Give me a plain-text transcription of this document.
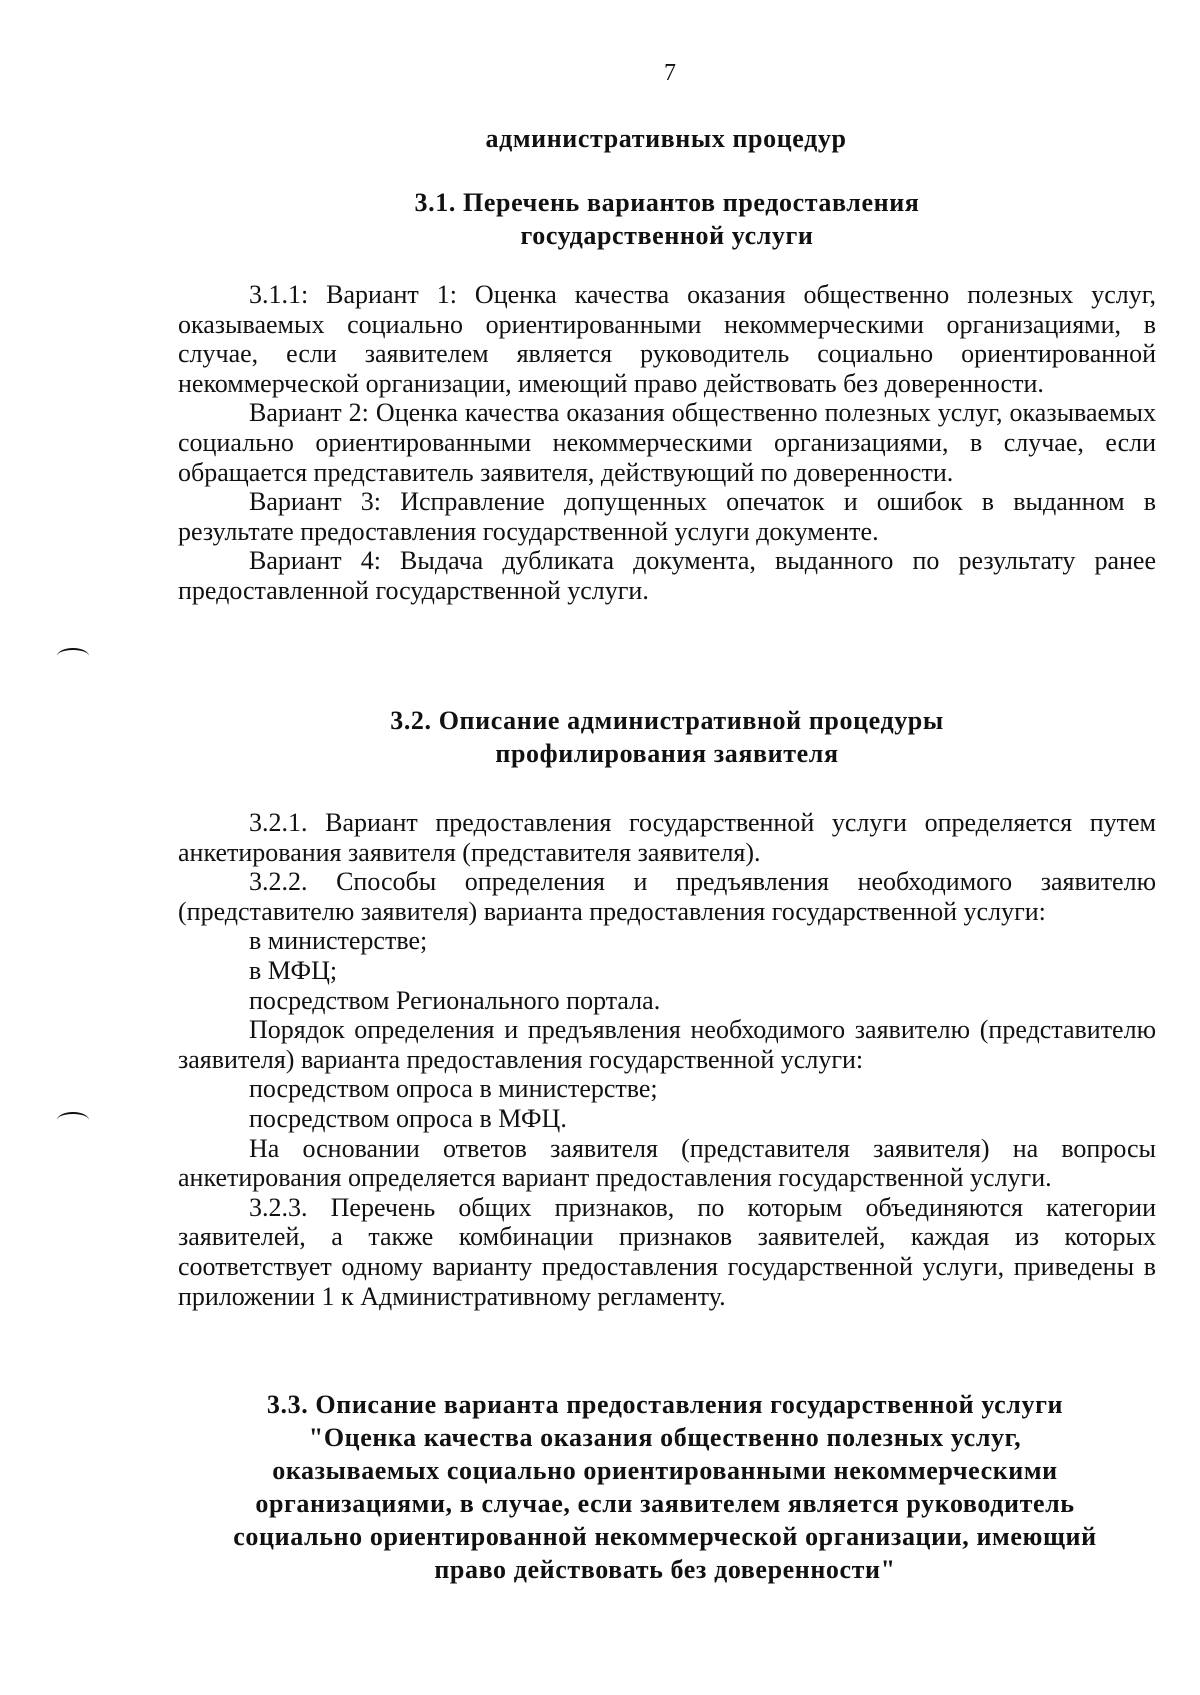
7
административных процедур
3.1. Перечень вариантов предоставления
государственной услуги

3.1.1: Вариант 1: Оценка качества оказания общественно полезных услуг, оказываемых социально ориентированными некоммерческими организациями, в случае, если заявителем является руководитель социально ориентированной некоммерческой организации, имеющий право действовать без доверенности.

Вариант 2: Оценка качества оказания общественно полезных услуг, оказываемых социально ориентированными некоммерческими организациями, в случае, если обращается представитель заявителя, действующий по доверенности.

Вариант 3: Исправление допущенных опечаток и ошибок в выданном в результате предоставления государственной услуги документе.

Вариант 4: Выдача дубликата документа, выданного по результату ранее предоставленной государственной услуги.

3.2. Описание административной процедуры
профилирования заявителя

3.2.1. Вариант предоставления государственной услуги определяется путем анкетирования заявителя (представителя заявителя).

3.2.2. Способы определения и предъявления необходимого заявителю (представителю заявителя) варианта предоставления государственной услуги:

в министерстве;

в МФЦ;

посредством Регионального портала.

Порядок определения и предъявления необходимого заявителю (представителю заявителя) варианта предоставления государственной услуги:

посредством опроса в министерстве;

посредством опроса в МФЦ.

На основании ответов заявителя (представителя заявителя) на вопросы анкетирования определяется вариант предоставления государственной услуги.

3.2.3. Перечень общих признаков, по которым объединяются категории заявителей, а также комбинации признаков заявителей, каждая из которых соответствует одному варианту предоставления государственной услуги, приведены в приложении 1 к Административному регламенту.

3.3. Описание варианта предоставления государственной услуги
"Оценка качества оказания общественно полезных услуг,
оказываемых социально ориентированными некоммерческими
организациями, в случае, если заявителем является руководитель
социально ориентированной некоммерческой организации, имеющий
право действовать без доверенности"
